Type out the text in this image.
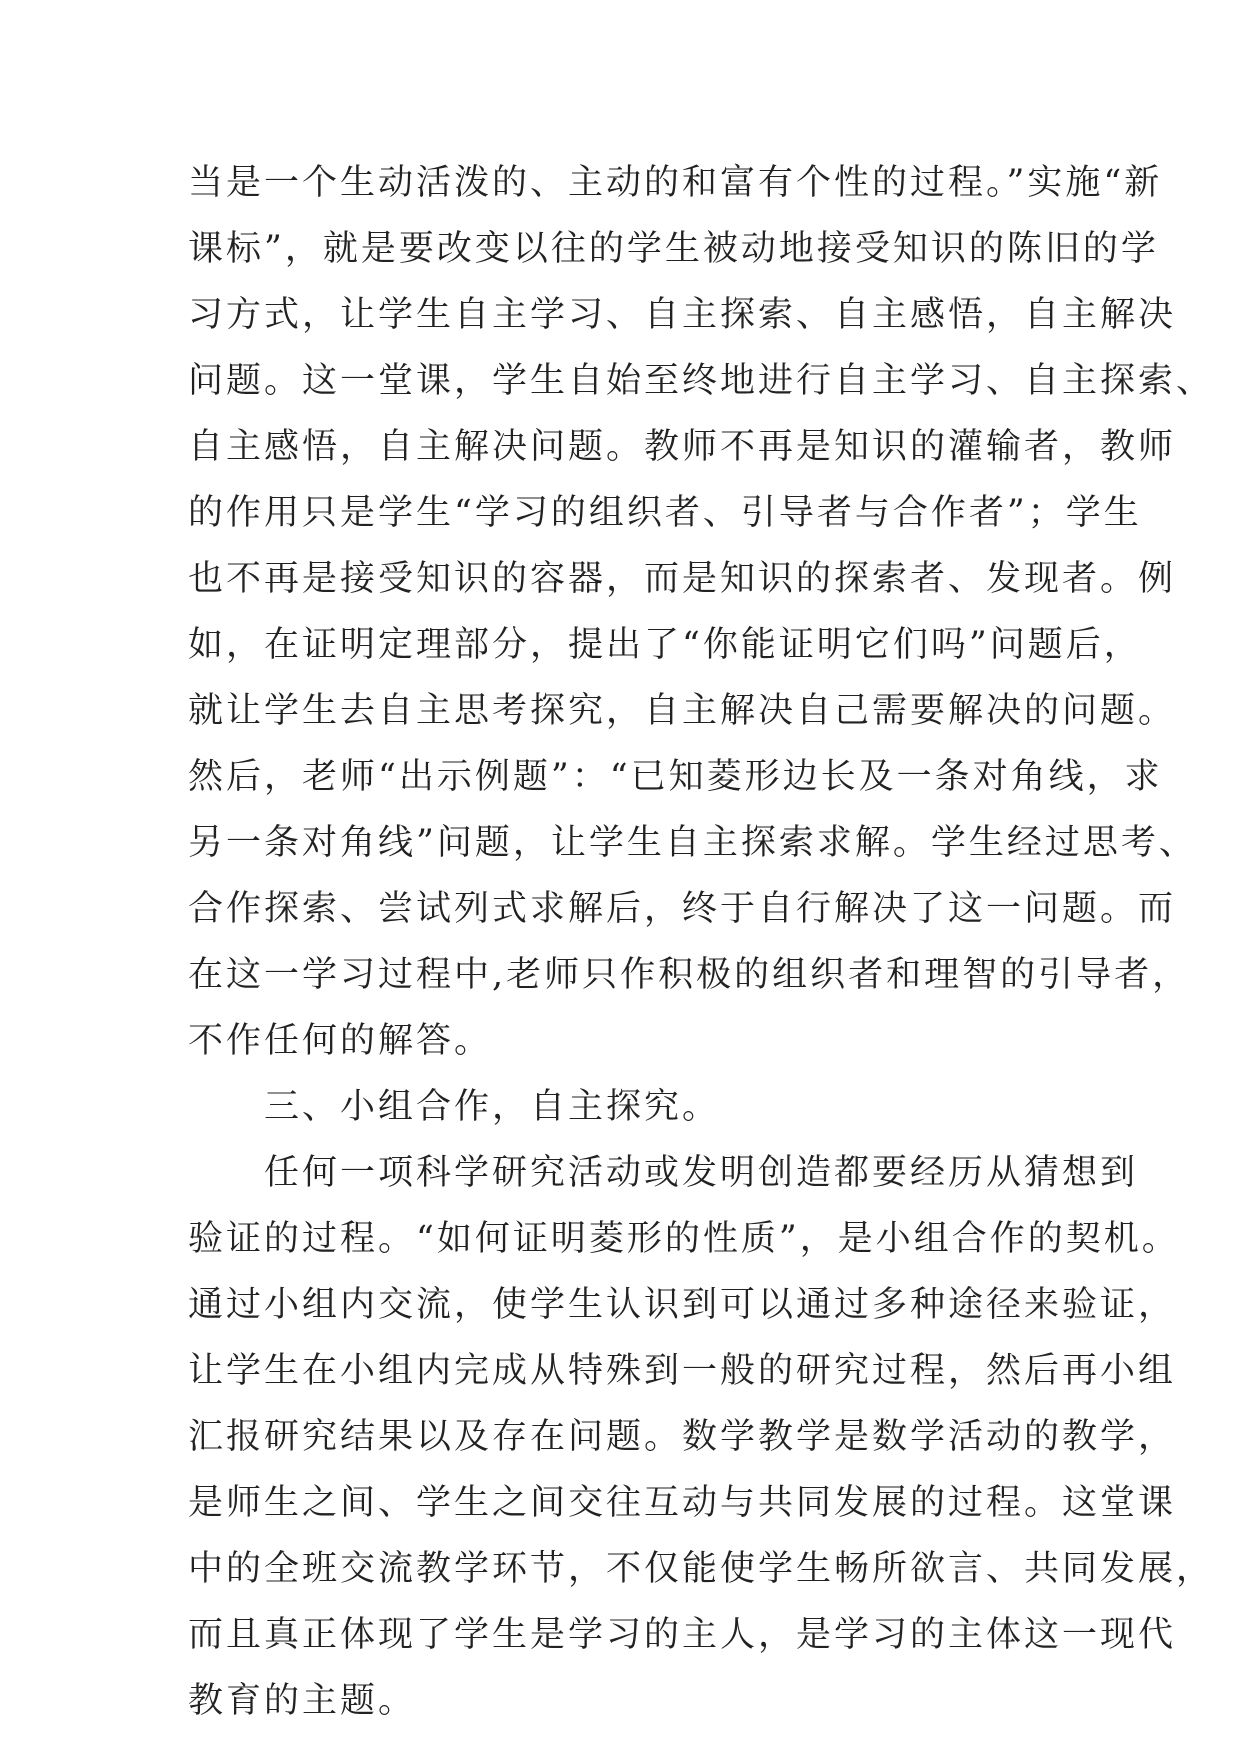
当是一个生动活泼的、主动的和富有个性的过程。”实施“新
课标”，就是要改变以往的学生被动地接受知识的陈旧的学
习方式，让学生自主学习、自主探索、自主感悟，自主解决
问题。这一堂课，学生自始至终地进行自主学习、自主探索、
自主感悟，自主解决问题。教师不再是知识的灌输者，教师
的作用只是学生“学习的组织者、引导者与合作者”；学生
也不再是接受知识的容器，而是知识的探索者、发现者。例
如，在证明定理部分，提出了“你能证明它们吗”问题后，
就让学生去自主思考探究，自主解决自己需要解决的问题。
然后，老师“出示例题”：“已知菱形边长及一条对角线，求
另一条对角线”问题，让学生自主探索求解。学生经过思考、
合作探索、尝试列式求解后，终于自行解决了这一问题。而
在这一学习过程中,老师只作积极的组织者和理智的引导者，
不作任何的解答。
　　三、小组合作，自主探究。
　　任何一项科学研究活动或发明创造都要经历从猜想到
验证的过程。“如何证明菱形的性质”，是小组合作的契机。
通过小组内交流，使学生认识到可以通过多种途径来验证，
让学生在小组内完成从特殊到一般的研究过程，然后再小组
汇报研究结果以及存在问题。数学教学是数学活动的教学，
是师生之间、学生之间交往互动与共同发展的过程。这堂课
中的全班交流教学环节，不仅能使学生畅所欲言、共同发展，
而且真正体现了学生是学习的主人，是学习的主体这一现代
教育的主题。
